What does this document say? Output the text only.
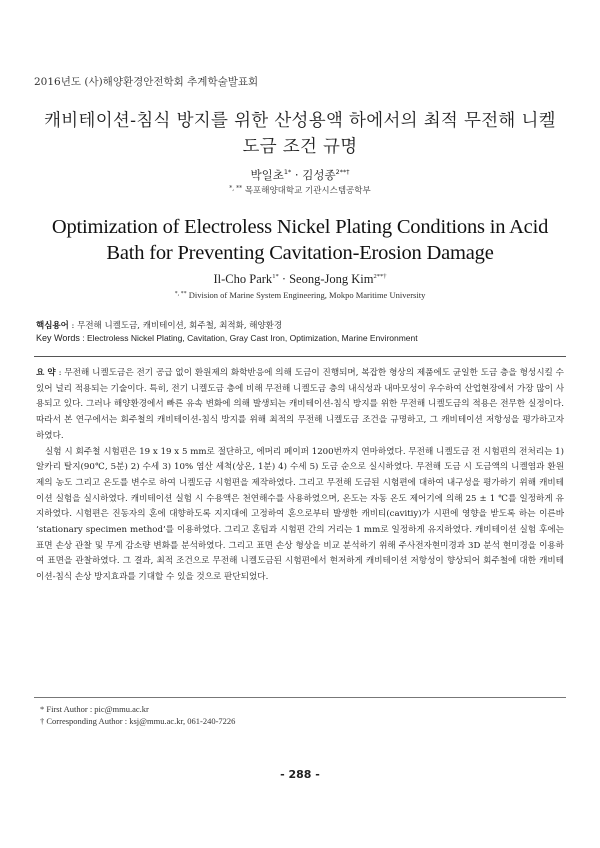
2016년도 (사)해양환경안전학회 추계학술발표회
캐비테이션-침식 방지를 위한 산성용액 하에서의 최적 무전해 니켈 도금 조건 규명
박일초$^{1*}$ · 김성종$^{2**\dagger}$
*, ** 목포해양대학교 기관시스템공학부
Optimization of Electroless Nickel Plating Conditions in Acid Bath for Preventing Cavitation-Erosion Damage
Il-Cho Park$^{1*}$ · Seong-Jong Kim$^{2**\dagger}$
*, ** Division of Marine System Engineering, Mokpo Maritime University
핵심용어 : 무전해 니켈도금, 캐비테이션, 회주철, 최적화, 해양환경
Key Words : Electroless Nickel Plating, Cavitation, Gray Cast Iron, Optimization, Marine Environment

요 약 : 무전해 니켈도금은 전기 공급 없이 환원제의 화학반응에 의해 도금이 진행되며, 복잡한 형상의 제품에도 균일한 도금 층을 형성시킬 수 있어 널리 적용되는 기술이다. 특히, 전기 니켈도금 층에 비해 무전해 니켈도금 층의 내식성과 내마모성이 우수하여 산업현장에서 가장 많이 사용되고 있다. 그러나 해양환경에서 빠른 유속 변화에 의해 발생되는 캐비테이션-침식 방지를 위한 무전해 니켈도금의 적용은 전무한 실정이다. 따라서 본 연구에서는 회주철의 캐비테이션-침식 방지를 위해 최적의 무전해 니켈도금 조건을 규명하고, 그 캐비테이션 저항성을 평가하고자 하였다.

실험 시 회주철 시험편은 19 x 19 x 5 mm로 절단하고, 에머리 페이퍼 1200번까지 연마하였다. 무전해 니켈도금 전 시험편의 전처리는 1) 알카리 탈지(90℃, 5분) 2) 수세 3) 10% 염산 세척(상온, 1분) 4) 수세 5) 도금 순으로 실시하였다. 무전해 도금 시 도금액의 니켈염과 환원제의 농도 그리고 온도를 변수로 하여 니켈도금 시험편을 제작하였다. 그리고 무전해 도금된 시험편에 대하여 내구성을 평가하기 위해 캐비테이션 실험을 실시하였다. 캐비테이션 실험 시 수용액은 천연해수를 사용하였으며, 온도는 자동 온도 제어기에 의해 25 ± 1 ℃를 일정하게 유지하였다. 시험편은 진동자의 혼에 대향하도록 지지대에 고정하여 혼으로부터 발생한 캐비티(cavitiy)가 시편에 영향을 받도록 하는 이른바 ‘stationary specimen method’를 이용하였다. 그리고 혼팁과 시험편 간의 거리는 1 mm로 일정하게 유지하였다. 캐비테이션 실험 후에는 표면 손상 관찰 및 무게 감소량 변화를 분석하였다. 그리고 표면 손상 형상을 비교 분석하기 위해 주사전자현미경과 3D 분석 현미경을 이용하여 표면을 관찰하였다. 그 결과, 최적 조건으로 무전해 니켈도금된 시험편에서 현저하게 캐비테이션 저항성이 향상되어 회주철에 대한 캐비테이션-침식 손상 방지효과를 기대할 수 있을 것으로 판단되었다.

* First Author : pic@mmu.ac.kr
† Corresponding Author : ksj@mmu.ac.kr, 061-240-7226
- 288 -
